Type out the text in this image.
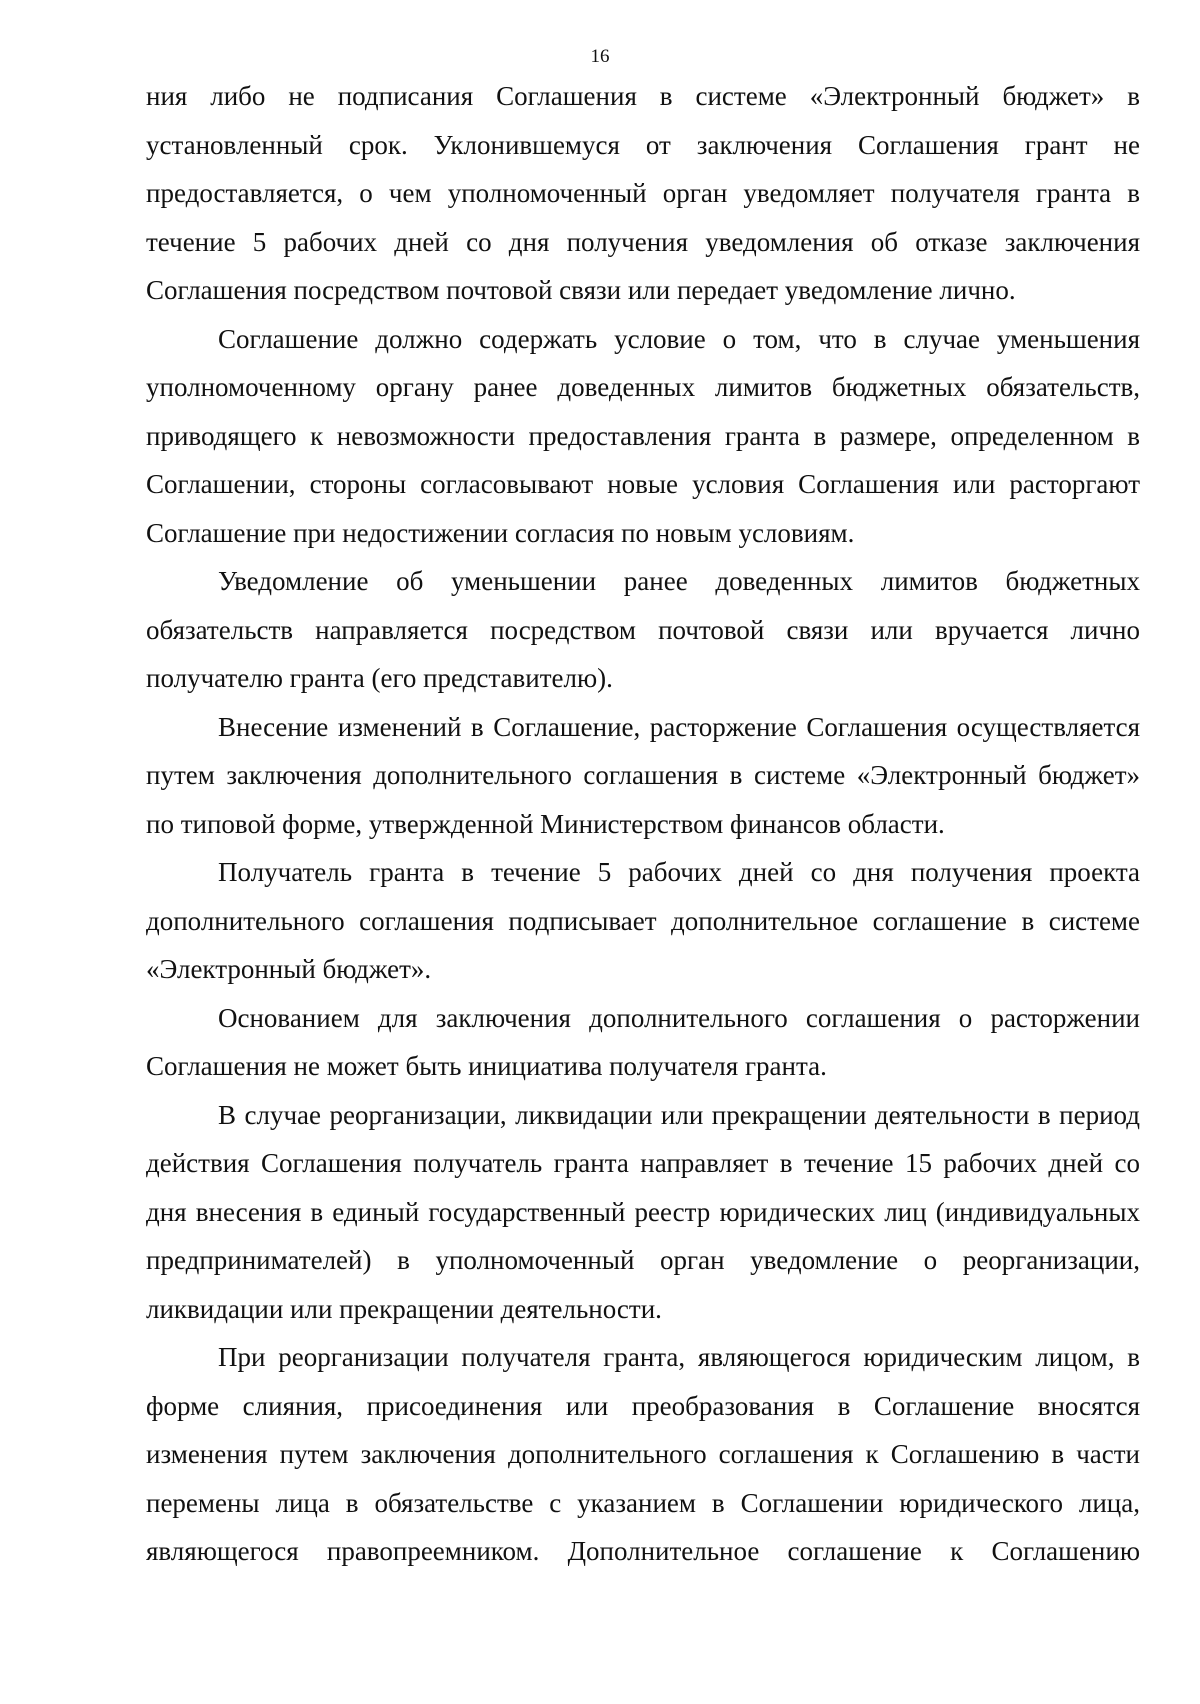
16

ния либо не подписания Соглашения в системе «Электронный бюджет» в установленный срок. Уклонившемуся от заключения Соглашения грант не предоставляется, о чем уполномоченный орган уведомляет получателя гранта в течение 5 рабочих дней со дня получения уведомления об отказе заключения Соглашения посредством почтовой связи или передает уведомление лично.

Соглашение должно содержать условие о том, что в случае уменьшения уполномоченному органу ранее доведенных лимитов бюджетных обязательств, приводящего к невозможности предоставления гранта в размере, определенном в Соглашении, стороны согласовывают новые условия Соглашения или расторгают Соглашение при недостижении согласия по новым условиям.

Уведомление об уменьшении ранее доведенных лимитов бюджетных обязательств направляется посредством почтовой связи или вручается лично получателю гранта (его представителю).

Внесение изменений в Соглашение, расторжение Соглашения осуществляется путем заключения дополнительного соглашения в системе «Электронный бюджет» по типовой форме, утвержденной Министерством финансов области.

Получатель гранта в течение 5 рабочих дней со дня получения проекта дополнительного соглашения подписывает дополнительное соглашение в системе «Электронный бюджет».

Основанием для заключения дополнительного соглашения о расторжении Соглашения не может быть инициатива получателя гранта.

В случае реорганизации, ликвидации или прекращении деятельности в период действия Соглашения получатель гранта направляет в течение 15 рабочих дней со дня внесения в единый государственный реестр юридических лиц (индивидуальных предпринимателей) в уполномоченный орган уведомление о реорганизации, ликвидации или прекращении деятельности.

При реорганизации получателя гранта, являющегося юридическим лицом, в форме слияния, присоединения или преобразования в Соглашение вносятся изменения путем заключения дополнительного соглашения к Соглашению в части перемены лица в обязательстве с указанием в Соглашении юридического лица, являющегося правопреемником. Дополнительное соглашение к Соглашению
